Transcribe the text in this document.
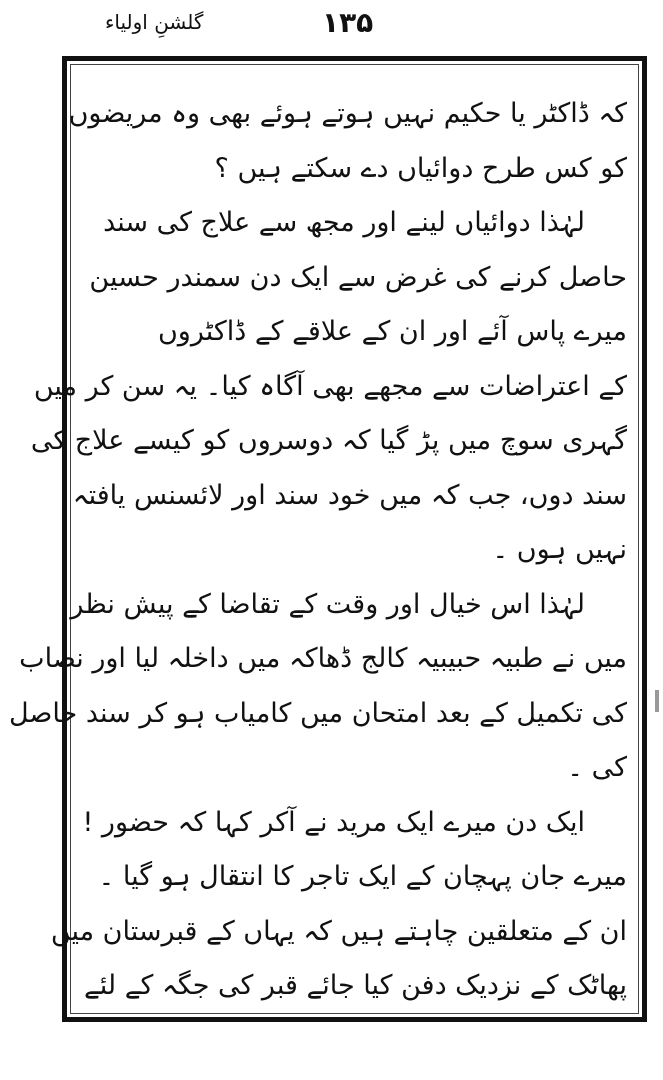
گلشنِ اولیاء	۱۳۵
کہ ڈاکٹر یا حکیم نہیں ہوتے ہوئے بھی وہ مریضوں
کو کس طرح دوائیاں دے سکتے ہیں ؟
لہٰذا دوائیاں لینے اور مجھ سے علاج کی سند
حاصل کرنے کی غرض سے ایک دن سمندر حسین
میرے پاس آئے اور ان کے علاقے کے ڈاکٹروں
کے اعتراضات سے مجھے بھی آگاہ کیا۔ یہ سن کر میں
گہری سوچ میں پڑ گیا کہ دوسروں کو کیسے علاج کی
سند دوں، جب کہ میں خود سند اور لائسنس یافتہ
نہیں ہوں ۔
لہٰذا اس خیال اور وقت کے تقاضا کے پیش نظر
میں نے طبیہ حبیبیہ کالج ڈھاکہ میں داخلہ لیا اور نصاب
کی تکمیل کے بعد امتحان میں کامیاب ہو کر سند حاصل
کی ۔
ایک دن میرے ایک مرید نے آکر کہا کہ حضور !
میرے جان پہچان کے ایک تاجر کا انتقال ہو گیا ۔
ان کے متعلقین چاہتے ہیں کہ یہاں کے قبرستان میں
پھاٹک کے نزدیک دفن کیا جائے قبر کی جگہ کے لئے
